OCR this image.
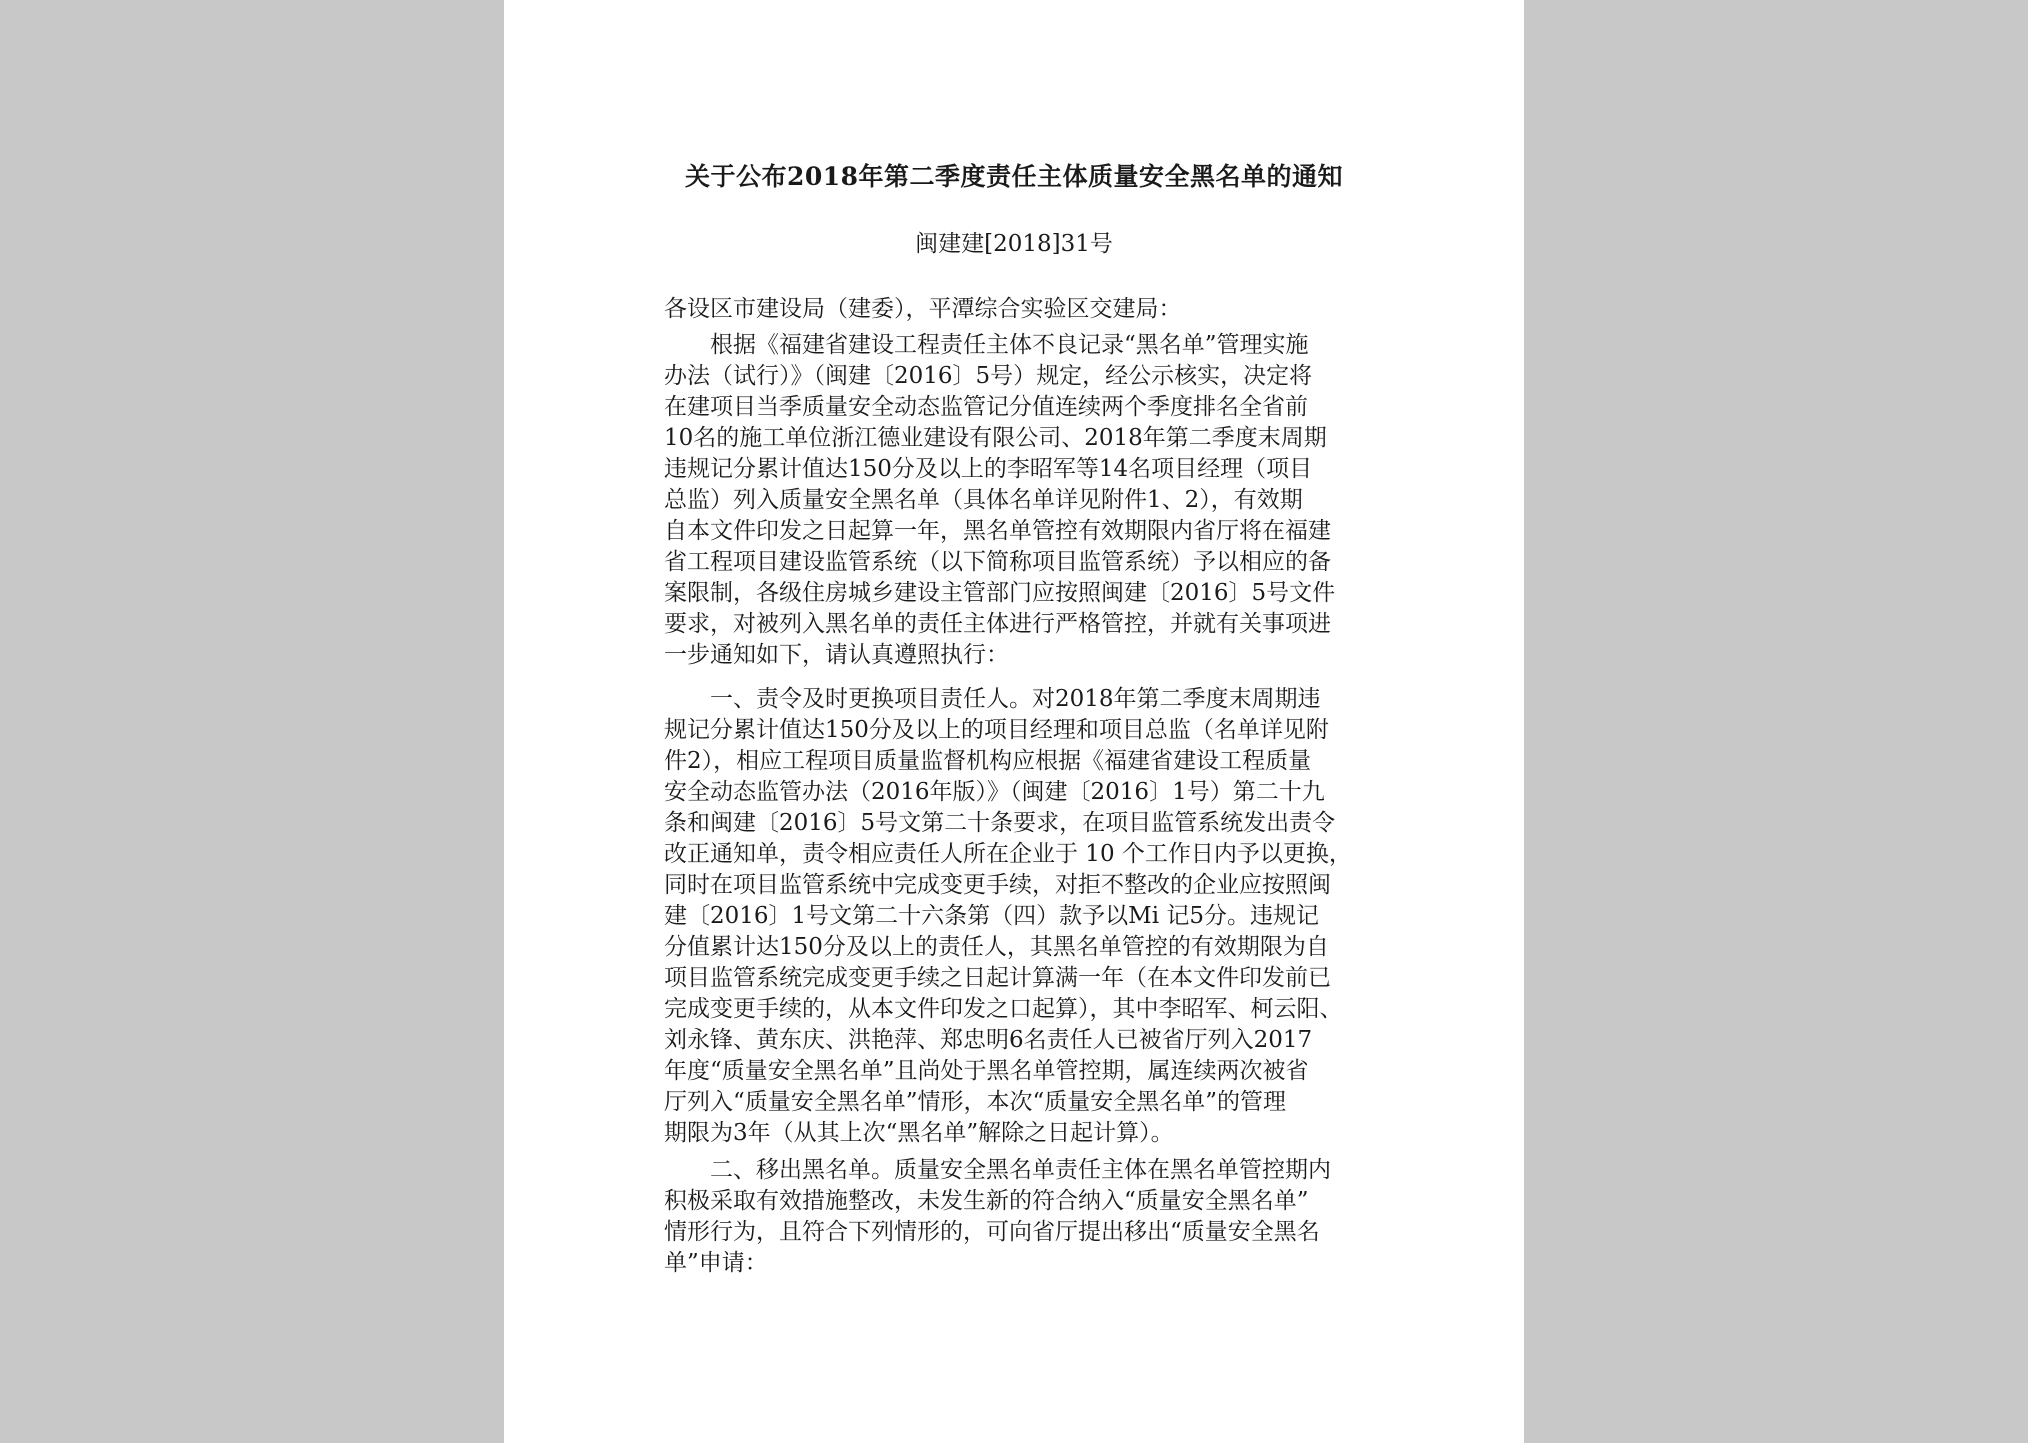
关于公布2018年第二季度责任主体质量安全黑名单的通知
闽建建[2018]31号
各设区市建设局（建委），平潭综合实验区交建局：
　　根据《福建省建设工程责任主体不良记录“黑名单”管理实施
办法（试行）》（闽建〔2016〕5号）规定，经公示核实，决定将
在建项目当季质量安全动态监管记分值连续两个季度排名全省前
10名的施工单位浙江德业建设有限公司、2018年第二季度末周期
违规记分累计值达150分及以上的李昭军等14名项目经理（项目
总监）列入质量安全黑名单（具体名单详见附件1、2），有效期
自本文件印发之日起算一年，黑名单管控有效期限内省厅将在福建
省工程项目建设监管系统（以下简称项目监管系统）予以相应的备
案限制，各级住房城乡建设主管部门应按照闽建〔2016〕5号文件
要求，对被列入黑名单的责任主体进行严格管控，并就有关事项进
一步通知如下，请认真遵照执行：
　　一、责令及时更换项目责任人。对2018年第二季度末周期违
规记分累计值达150分及以上的项目经理和项目总监（名单详见附
件2），相应工程项目质量监督机构应根据《福建省建设工程质量
安全动态监管办法（2016年版）》（闽建〔2016〕1号）第二十九
条和闽建〔2016〕5号文第二十条要求，在项目监管系统发出责令
改正通知单，责令相应责任人所在企业于 10 个工作日内予以更换，
同时在项目监管系统中完成变更手续，对拒不整改的企业应按照闽
建〔2016〕1号文第二十六条第（四）款予以Mi 记5分。违规记
分值累计达150分及以上的责任人，其黑名单管控的有效期限为自
项目监管系统完成变更手续之日起计算满一年（在本文件印发前已
完成变更手续的，从本文件印发之口起算），其中李昭军、柯云阳、
刘永锋、黄东庆、洪艳萍、郑忠明6名责任人已被省厅列入2017
年度“质量安全黑名单”且尚处于黑名单管控期，属连续两次被省
厅列入“质量安全黑名单”情形，本次“质量安全黑名单”的管理
期限为3年（从其上次“黑名单”解除之日起计算）。
　　二、移出黑名单。质量安全黑名单责任主体在黑名单管控期内
积极采取有效措施整改，未发生新的符合纳入“质量安全黑名单”
情形行为，且符合下列情形的，可向省厅提出移出“质量安全黑名
单”申请：
